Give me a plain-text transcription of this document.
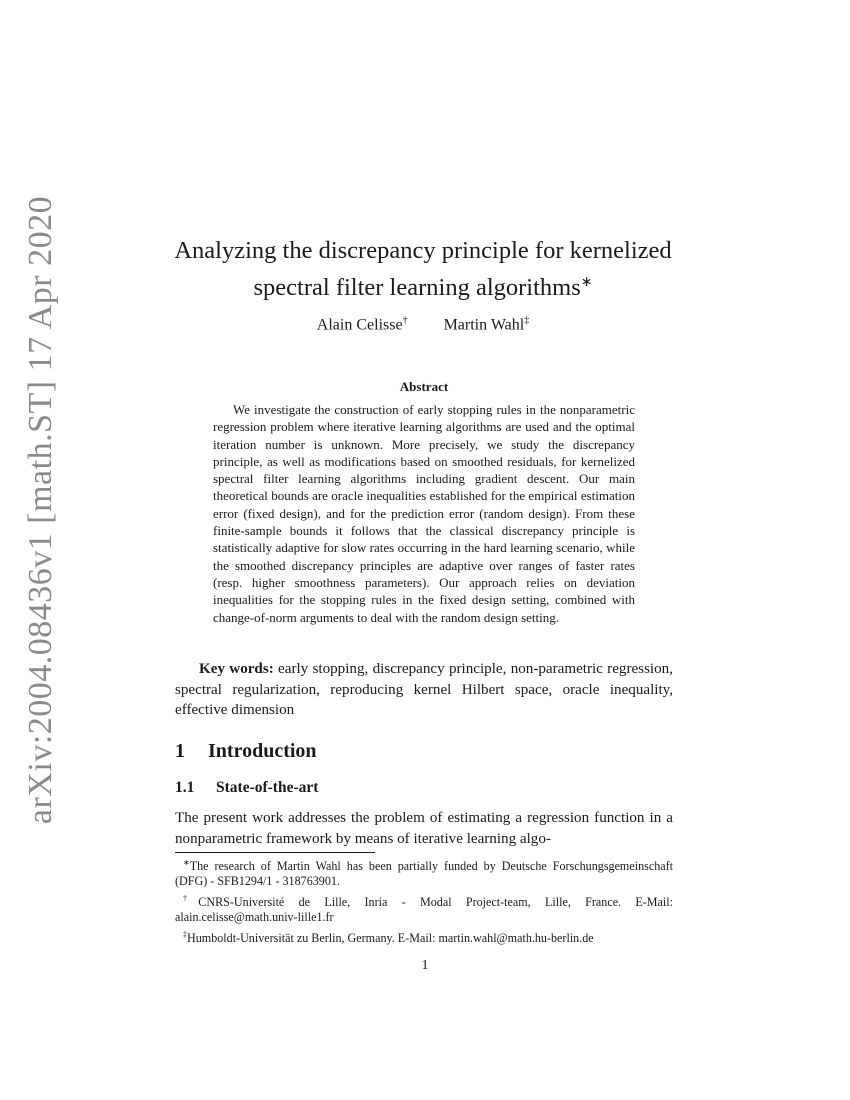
arXiv:2004.08436v1 [math.ST] 17 Apr 2020	Analyzing the discrepancy principle for kernelized
spectral filter learning algorithms∗
Alain Celisse† Martin Wahl‡
Abstract

We investigate the construction of early stopping rules in the nonparametric regression problem where iterative learning algorithms are used and the optimal iteration number is unknown. More precisely, we study the discrepancy principle, as well as modifications based on smoothed residuals, for kernelized spectral filter learning algorithms including gradient descent. Our main theoretical bounds are oracle inequalities established for the empirical estimation error (fixed design), and for the prediction error (random design). From these finite-sample bounds it follows that the classical discrepancy principle is statistically adaptive for slow rates occurring in the hard learning scenario, while the smoothed discrepancy principles are adaptive over ranges of faster rates (resp. higher smoothness parameters). Our approach relies on deviation inequalities for the stopping rules in the fixed design setting, combined with change-of-norm arguments to deal with the random design setting.

Key words: early stopping, discrepancy principle, non-parametric regression, spectral regularization, reproducing kernel Hilbert space, oracle inequality, effective dimension

1 Introduction
1.1 State-of-the-art

The present work addresses the problem of estimating a regression function in a nonparametric framework by means of iterative learning algo-

∗The research of Martin Wahl has been partially funded by Deutsche Forschungsgemeinschaft (DFG) - SFB1294/1 - 318763901.

†CNRS-Université de Lille, Inria - Modal Project-team, Lille, France. E-Mail: alain.celisse@math.univ-lille1.fr

‡Humboldt-Universität zu Berlin, Germany. E-Mail: martin.wahl@math.hu-berlin.de

1
